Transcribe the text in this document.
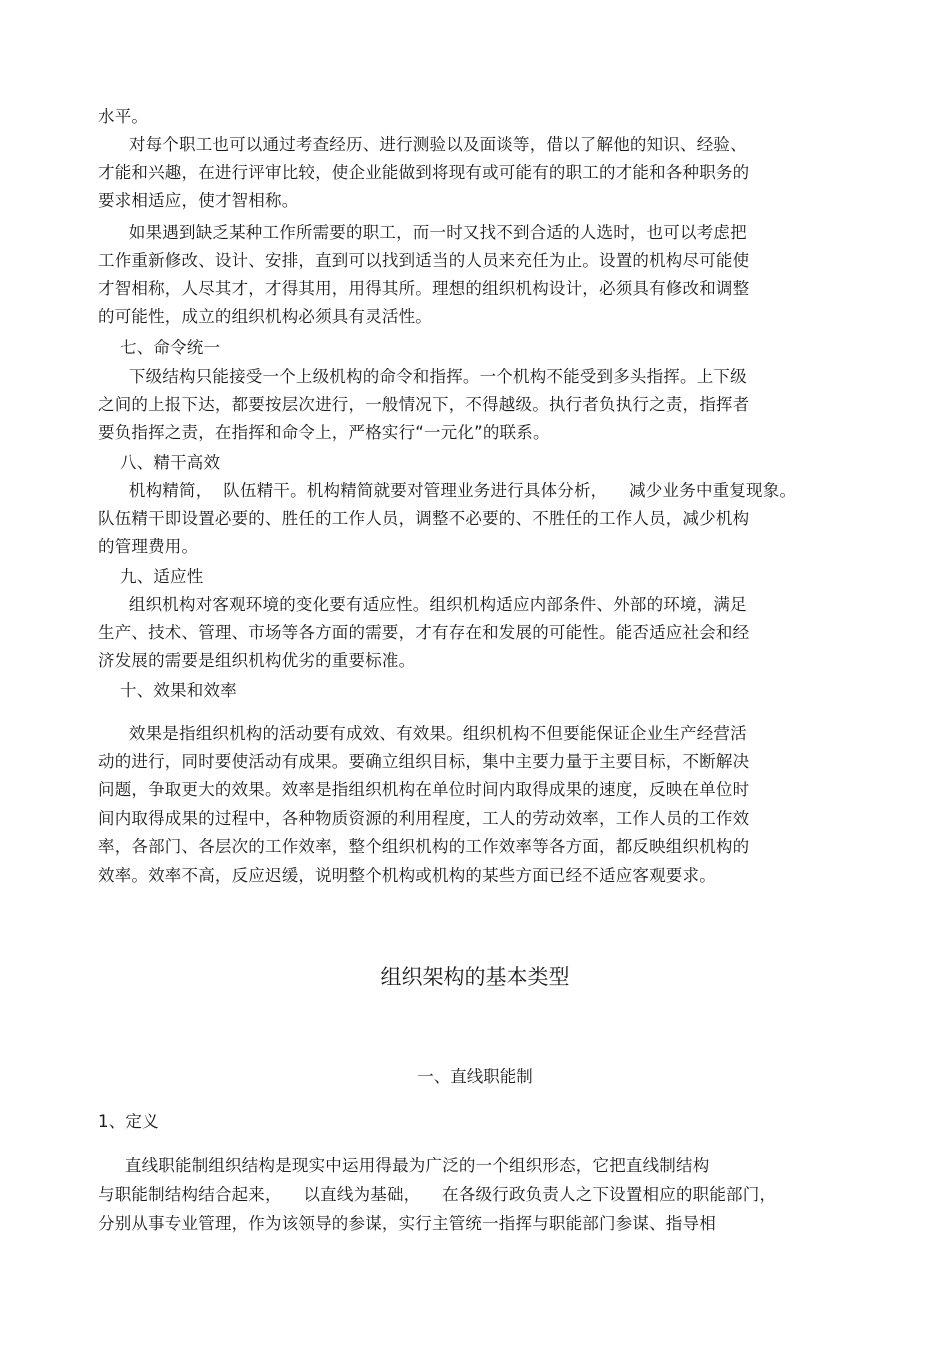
水平。
对每个职工也可以通过考查经历、进行测验以及面谈等，借以了解他的知识、经验、
才能和兴趣，在进行评审比较，使企业能做到将现有或可能有的职工的才能和各种职务的
要求相适应，使才智相称。
如果遇到缺乏某种工作所需要的职工，而一时又找不到合适的人选时，也可以考虑把
工作重新修改、设计、安排，直到可以找到适当的人员来充任为止。设置的机构尽可能使
才智相称，人尽其才，才得其用，用得其所。理想的组织机构设计，必须具有修改和调整
的可能性，成立的组织机构必须具有灵活性。
七、命令统一
下级结构只能接受一个上级机构的命令和指挥。一个机构不能受到多头指挥。上下级
之间的上报下达，都要按层次进行，一般情况下，不得越级。执行者负执行之责，指挥者
要负指挥之责，在指挥和命令上，严格实行“一元化”的联系。
八、精干高效
机构精简，  队伍精干。机构精简就要对管理业务进行具体分析，    减少业务中重复现象。
队伍精干即设置必要的、胜任的工作人员，调整不必要的、不胜任的工作人员，减少机构
的管理费用。
九、适应性
组织机构对客观环境的变化要有适应性。组织机构适应内部条件、外部的环境，满足
生产、技术、管理、市场等各方面的需要，才有存在和发展的可能性。能否适应社会和经
济发展的需要是组织机构优劣的重要标准。
十、效果和效率
效果是指组织机构的活动要有成效、有效果。组织机构不但要能保证企业生产经营活
动的进行，同时要使活动有成果。要确立组织目标，集中主要力量于主要目标，不断解决
问题，争取更大的效果。效率是指组织机构在单位时间内取得成果的速度，反映在单位时
间内取得成果的过程中，各种物质资源的利用程度，工人的劳动效率，工作人员的工作效
率，各部门、各层次的工作效率，整个组织机构的工作效率等各方面，都反映组织机构的
效率。效率不高，反应迟缓，说明整个机构或机构的某些方面已经不适应客观要求。
组织架构的基本类型
一、直线职能制
1、定义
直线职能制组织结构是现实中运用得最为广泛的一个组织形态，它把直线制结构
与职能制结构结合起来，    以直线为基础，    在各级行政负责人之下设置相应的职能部门，
分别从事专业管理，作为该领导的参谋，实行主管统一指挥与职能部门参谋、指导相
